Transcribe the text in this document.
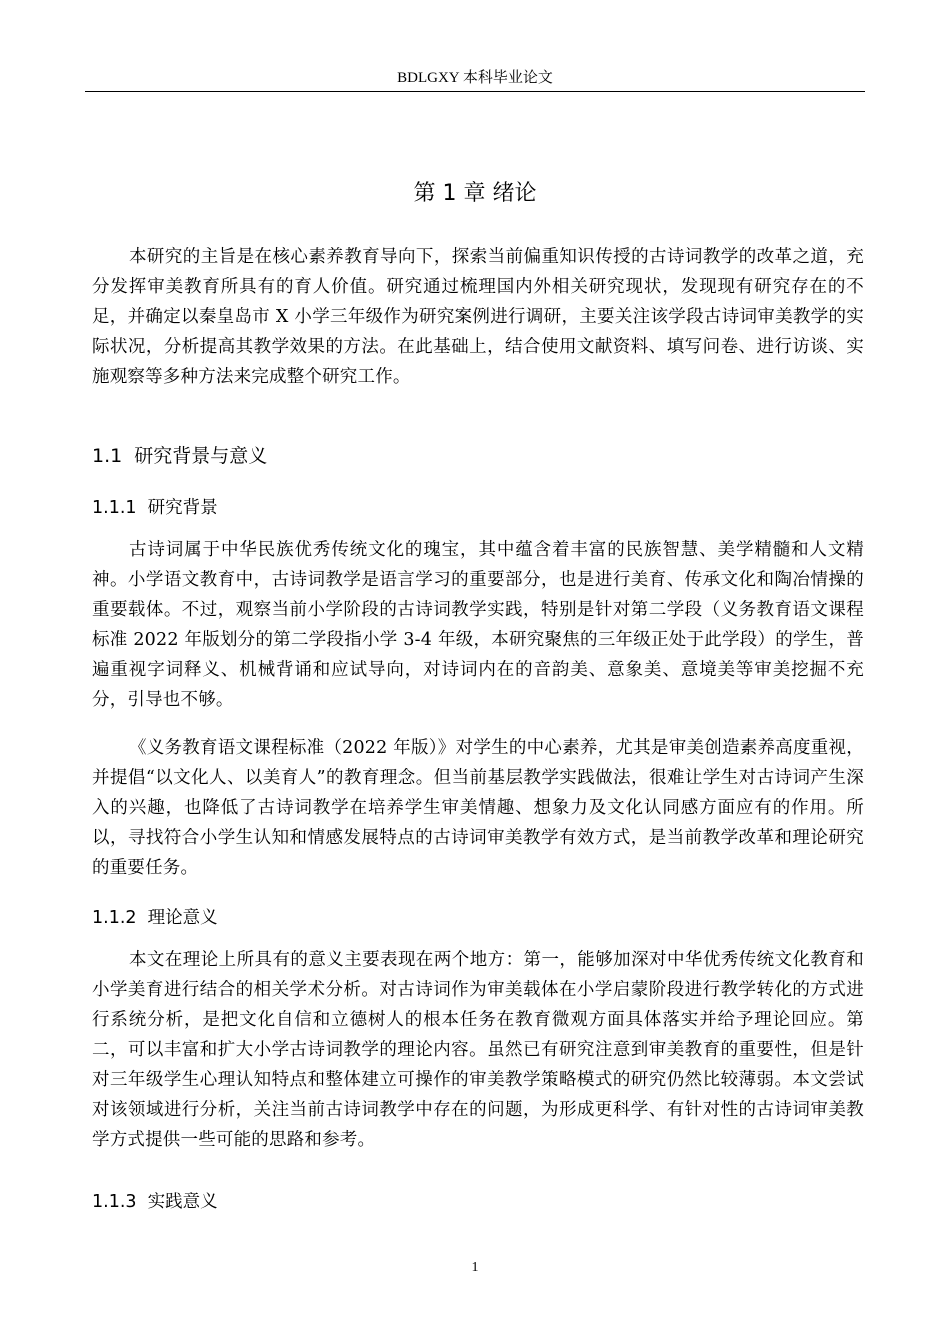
BDLGXY 本科毕业论文
第 1 章 绪论

本研究的主旨是在核心素养教育导向下，探索当前偏重知识传授的古诗词教学的改革之道，充分发挥审美教育所具有的育人价值。研究通过梳理国内外相关研究现状，发现现有研究存在的不足，并确定以秦皇岛市 X 小学三年级作为研究案例进行调研，主要关注该学段古诗词审美教学的实际状况，分析提高其教学效果的方法。在此基础上，结合使用文献资料、填写问卷、进行访谈、实施观察等多种方法来完成整个研究工作。

1.1  研究背景与意义
1.1.1  研究背景

古诗词属于中华民族优秀传统文化的瑰宝，其中蕴含着丰富的民族智慧、美学精髓和人文精神。小学语文教育中，古诗词教学是语言学习的重要部分，也是进行美育、传承文化和陶冶情操的重要载体。不过，观察当前小学阶段的古诗词教学实践，特别是针对第二学段（义务教育语文课程标准 2022 年版划分的第二学段指小学 3-4 年级，本研究聚焦的三年级正处于此学段）的学生，普遍重视字词释义、机械背诵和应试导向，对诗词内在的音韵美、意象美、意境美等审美挖掘不充分，引导也不够。

《义务教育语文课程标准（2022 年版）》对学生的中心素养，尤其是审美创造素养高度重视，并提倡“以文化人、以美育人”的教育理念。但当前基层教学实践做法，很难让学生对古诗词产生深入的兴趣，也降低了古诗词教学在培养学生审美情趣、想象力及文化认同感方面应有的作用。所以，寻找符合小学生认知和情感发展特点的古诗词审美教学有效方式，是当前教学改革和理论研究的重要任务。

1.1.2  理论意义

本文在理论上所具有的意义主要表现在两个地方：第一，能够加深对中华优秀传统文化教育和小学美育进行结合的相关学术分析。对古诗词作为审美载体在小学启蒙阶段进行教学转化的方式进行系统分析，是把文化自信和立德树人的根本任务在教育微观方面具体落实并给予理论回应。第二，可以丰富和扩大小学古诗词教学的理论内容。虽然已有研究注意到审美教育的重要性，但是针对三年级学生心理认知特点和整体建立可操作的审美教学策略模式的研究仍然比较薄弱。本文尝试对该领域进行分析，关注当前古诗词教学中存在的问题，为形成更科学、有针对性的古诗词审美教学方式提供一些可能的思路和参考。

1.1.3  实践意义
1
